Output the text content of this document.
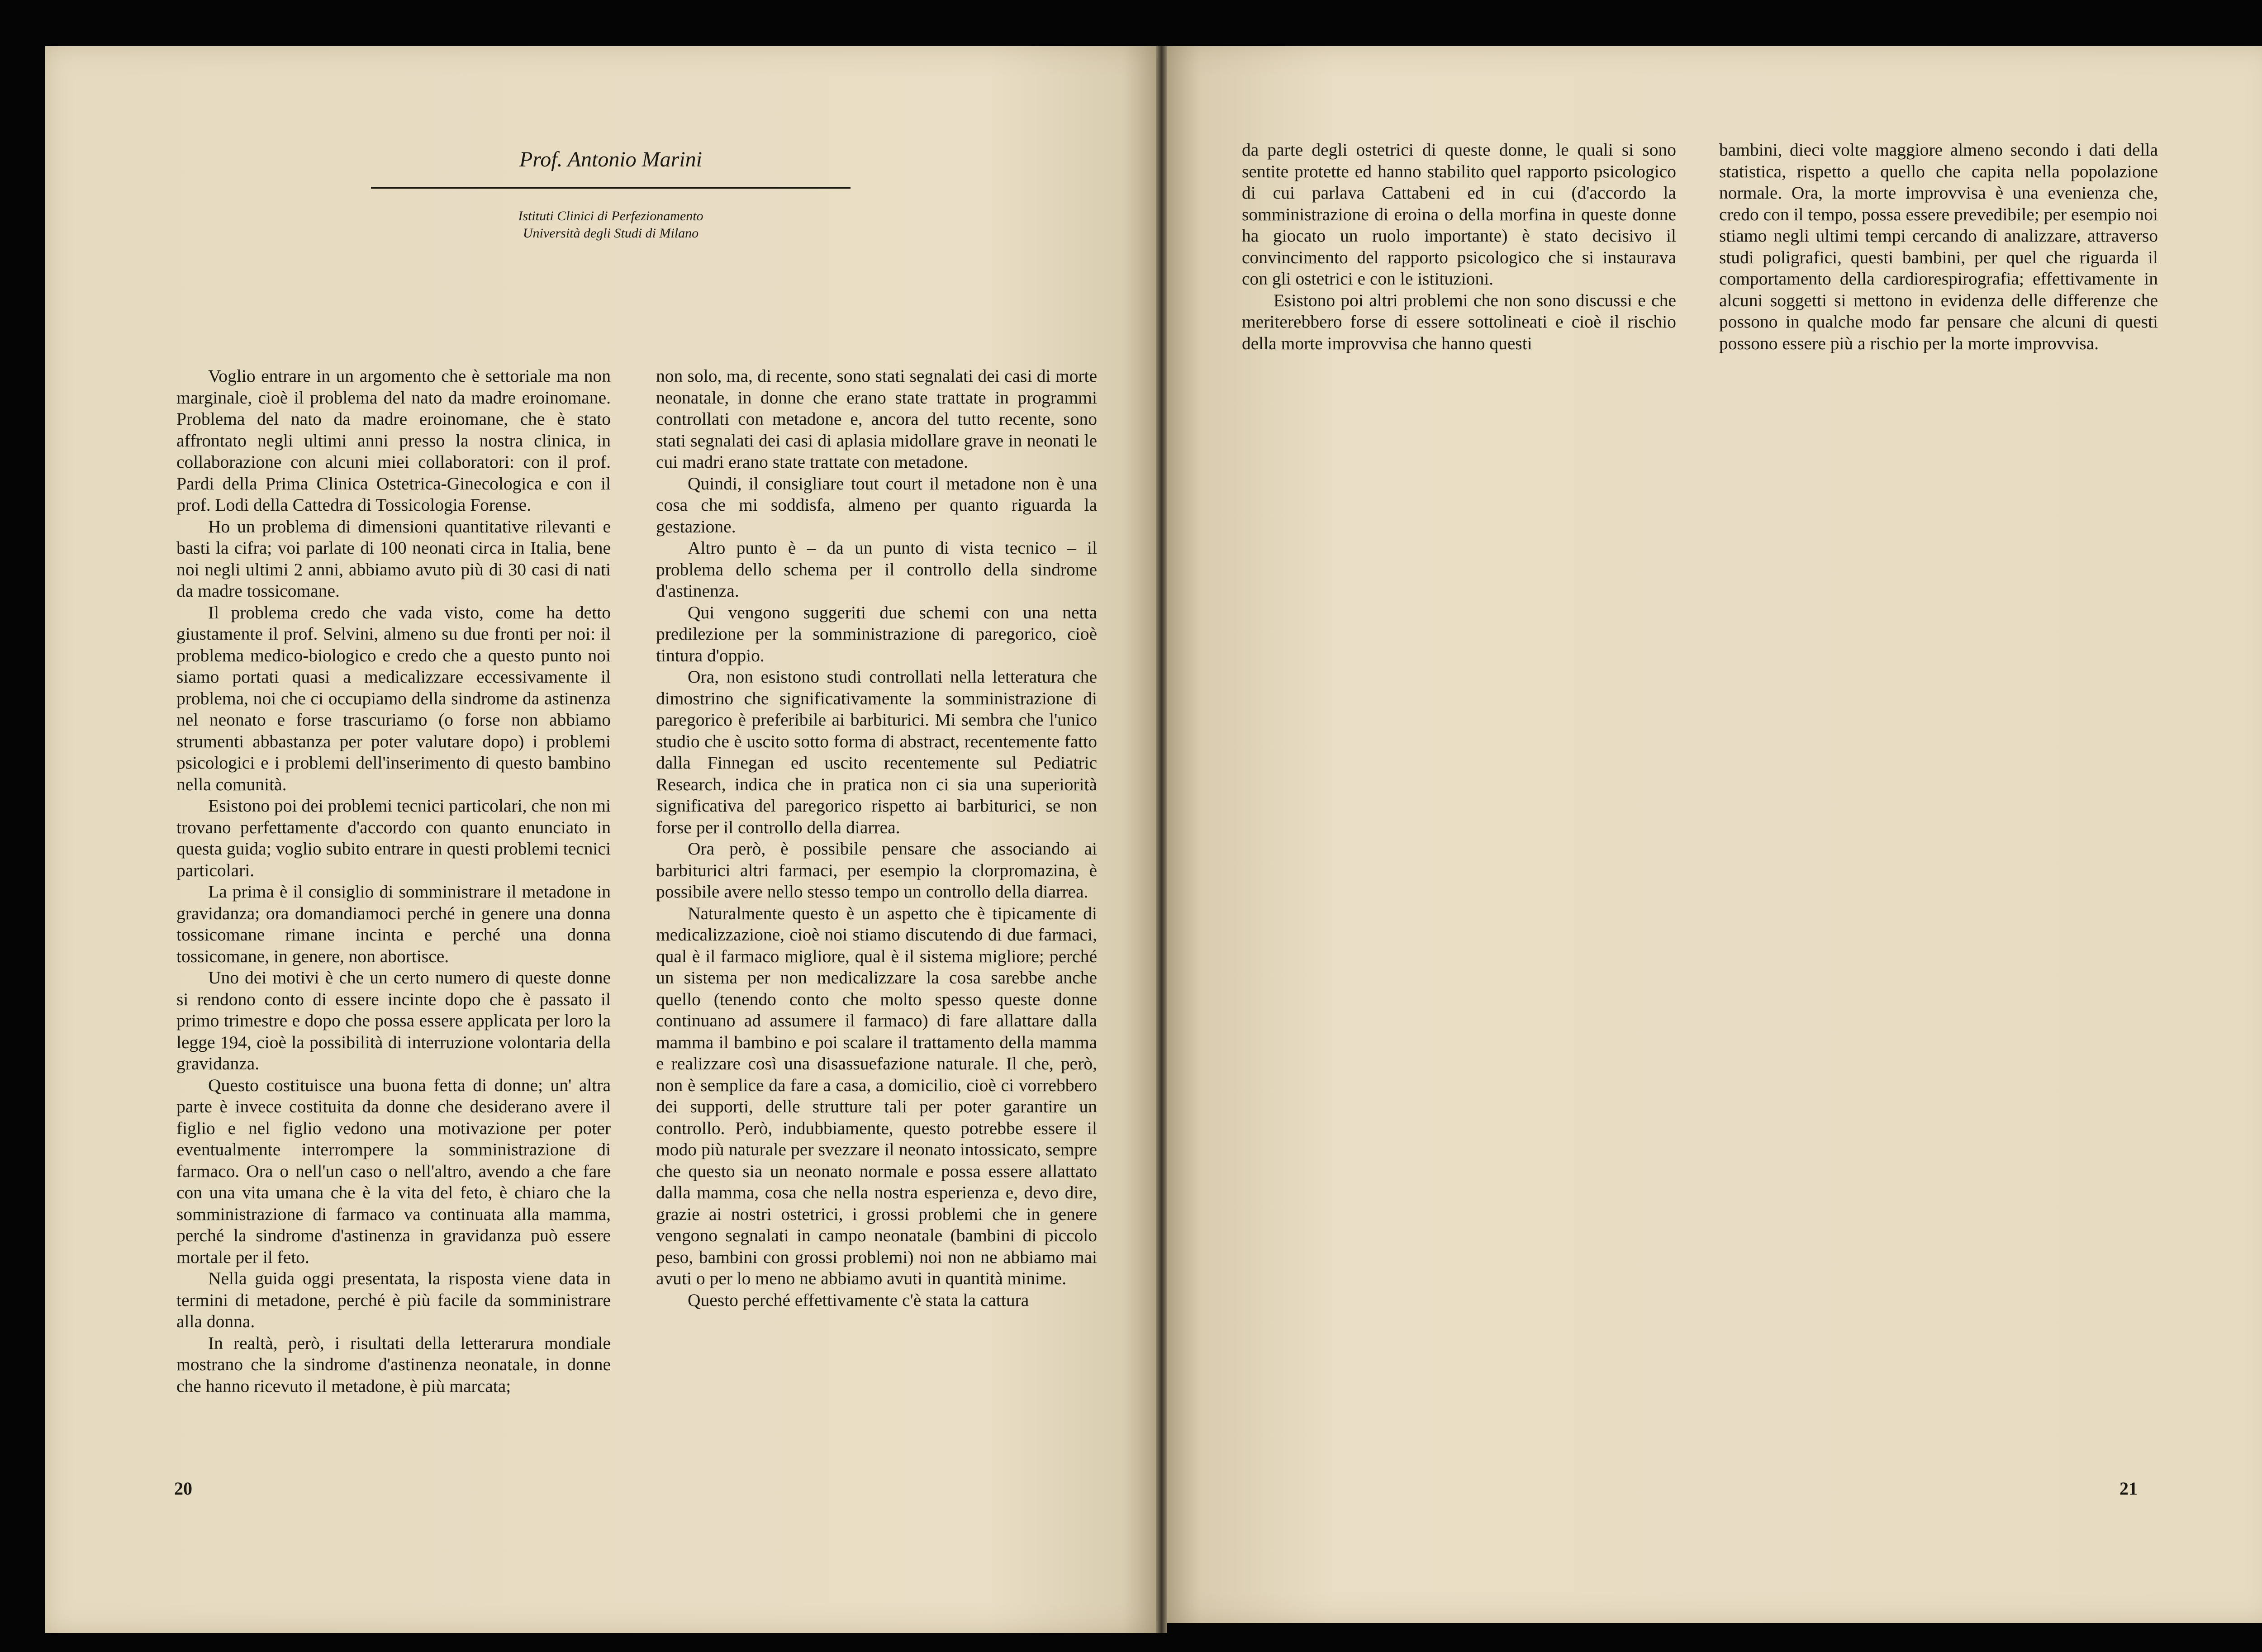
Prof. Antonio Marini

Istituti Clinici di Perfezionamento
Università degli Studi di Milano

Voglio entrare in un argomento che è settoriale ma non marginale, cioè il problema del nato da madre eroinomane. Problema del nato da madre eroinomane, che è stato affrontato negli ultimi anni presso la nostra clinica, in collaborazione con alcuni miei collaboratori: con il prof. Pardi della Prima Clinica Ostetrica-Ginecologica e con il prof. Lodi della Cattedra di Tossicologia Forense.

Ho un problema di dimensioni quantitative rilevanti e basti la cifra; voi parlate di 100 neonati circa in Italia, bene noi negli ultimi 2 anni, abbiamo avuto più di 30 casi di nati da madre tossicomane.

Il problema credo che vada visto, come ha detto giustamente il prof. Selvini, almeno su due fronti per noi: il problema medico-biologico e credo che a questo punto noi siamo portati quasi a medicalizzare eccessivamente il problema, noi che ci occupiamo della sindrome da astinenza nel neonato e forse trascuriamo (o forse non abbiamo strumenti abbastanza per poter valutare dopo) i problemi psicologici e i problemi dell'inserimento di questo bambino nella comunità.

Esistono poi dei problemi tecnici particolari, che non mi trovano perfettamente d'accordo con quanto enunciato in questa guida; voglio subito entrare in questi problemi tecnici particolari.

La prima è il consiglio di somministrare il metadone in gravidanza; ora domandiamoci perché in genere una donna tossicomane rimane incinta e perché una donna tossicomane, in genere, non abortisce.

Uno dei motivi è che un certo numero di queste donne si rendono conto di essere incinte dopo che è passato il primo trimestre e dopo che possa essere applicata per loro la legge 194, cioè la possibilità di interruzione volontaria della gravidanza.

Questo costituisce una buona fetta di donne; un' altra parte è invece costituita da donne che desiderano avere il figlio e nel figlio vedono una motivazione per poter eventualmente interrompere la somministrazione di farmaco. Ora o nell'un caso o nell'altro, avendo a che fare con una vita umana che è la vita del feto, è chiaro che la somministrazione di farmaco va continuata alla mamma, perché la sindrome d'astinenza in gravidanza può essere mortale per il feto.

Nella guida oggi presentata, la risposta viene data in termini di metadone, perché è più facile da somministrare alla donna.

In realtà, però, i risultati della letterarura mondiale mostrano che la sindrome d'astinenza neonatale, in donne che hanno ricevuto il metadone, è più marcata;

non solo, ma, di recente, sono stati segnalati dei casi di morte neonatale, in donne che erano state trattate in programmi controllati con metadone e, ancora del tutto recente, sono stati segnalati dei casi di aplasia midollare grave in neonati le cui madri erano state trattate con metadone.

Quindi, il consigliare tout court il metadone non è una cosa che mi soddisfa, almeno per quanto riguarda la gestazione.

Altro punto è – da un punto di vista tecnico – il problema dello schema per il controllo della sindrome d'astinenza.

Qui vengono suggeriti due schemi con una netta predilezione per la somministrazione di paregorico, cioè tintura d'oppio.

Ora, non esistono studi controllati nella letteratura che dimostrino che significativamente la somministrazione di paregorico è preferibile ai barbiturici. Mi sembra che l'unico studio che è uscito sotto forma di abstract, recentemente fatto dalla Finnegan ed uscito recentemente sul Pediatric Research, indica che in pratica non ci sia una superiorità significativa del paregorico rispetto ai barbiturici, se non forse per il controllo della diarrea.

Ora però, è possibile pensare che associando ai barbiturici altri farmaci, per esempio la clorpromazina, è possibile avere nello stesso tempo un controllo della diarrea.

Naturalmente questo è un aspetto che è tipicamente di medicalizzazione, cioè noi stiamo discutendo di due farmaci, qual è il farmaco migliore, qual è il sistema migliore; perché un sistema per non medicalizzare la cosa sarebbe anche quello (tenendo conto che molto spesso queste donne continuano ad assumere il farmaco) di fare allattare dalla mamma il bambino e poi scalare il trattamento della mamma e realizzare così una disassuefazione naturale. Il che, però, non è semplice da fare a casa, a domicilio, cioè ci vorrebbero dei supporti, delle strutture tali per poter garantire un controllo. Però, indubbiamente, questo potrebbe essere il modo più naturale per svezzare il neonato intossicato, sempre che questo sia un neonato normale e possa essere allattato dalla mamma, cosa che nella nostra esperienza e, devo dire, grazie ai nostri ostetrici, i grossi problemi che in genere vengono segnalati in campo neonatale (bambini di piccolo peso, bambini con grossi problemi) noi non ne abbiamo mai avuti o per lo meno ne abbiamo avuti in quantità minime.

Questo perché effettivamente c'è stata la cattura

da parte degli ostetrici di queste donne, le quali si sono sentite protette ed hanno stabilito quel rapporto psicologico di cui parlava Cattabeni ed in cui (d'accordo la somministrazione di eroina o della morfina in queste donne ha giocato un ruolo importante) è stato decisivo il convincimento del rapporto psicologico che si instaurava con gli ostetrici e con le istituzioni.

Esistono poi altri problemi che non sono discussi e che meriterebbero forse di essere sottolineati e cioè il rischio della morte improvvisa che hanno questi

bambini, dieci volte maggiore almeno secondo i dati della statistica, rispetto a quello che capita nella popolazione normale. Ora, la morte improvvisa è una evenienza che, credo con il tempo, possa essere prevedibile; per esempio noi stiamo negli ultimi tempi cercando di analizzare, attraverso studi poligrafici, questi bambini, per quel che riguarda il comportamento della cardiorespirografia; effettivamente in alcuni soggetti si mettono in evidenza delle differenze che possono in qualche modo far pensare che alcuni di questi possono essere più a rischio per la morte improvvisa.

20	21
